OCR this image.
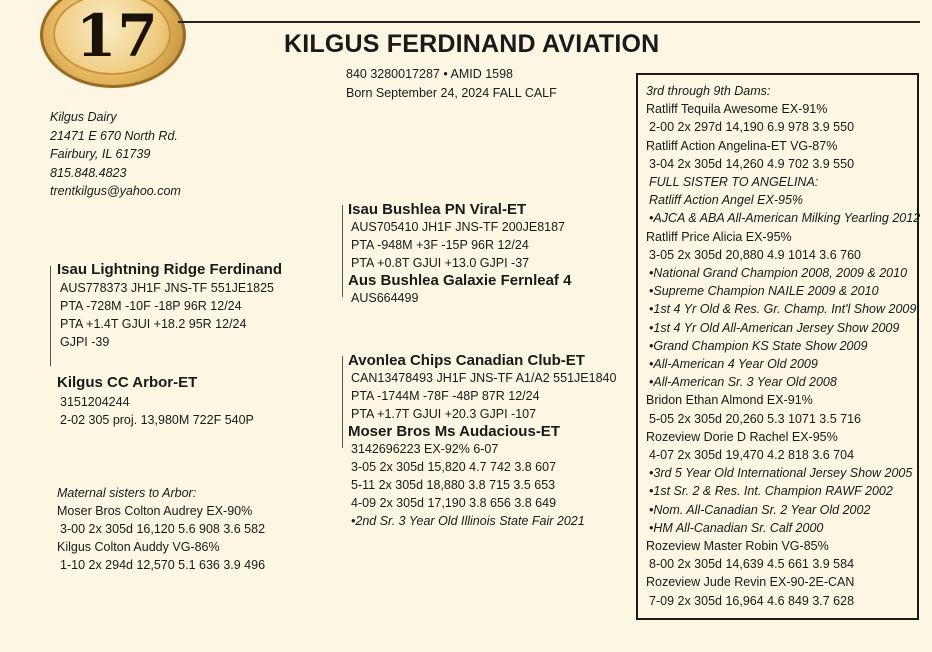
17	KILGUS FERDINAND AVIATION
840 3280017287 • AMID 1598
Born September 24, 2024 FALL CALF
Kilgus Dairy
21471 E 670 North Rd.
Fairbury, IL 61739
815.848.4823
trentkilgus@yahoo.com
Isau Lightning Ridge Ferdinand
AUS778373 JH1F JNS-TF 551JE1825
PTA -728M -10F -18P 96R 12/24
PTA +1.4T GJUI +18.2 95R 12/24
GJPI -39
Isau Bushlea PN Viral-ET
AUS705410 JH1F JNS-TF 200JE8187
PTA -948M +3F -15P 96R 12/24
PTA +0.8T GJUI +13.0 GJPI -37
Aus Bushlea Galaxie Fernleaf 4
AUS664499
Kilgus CC Arbor-ET
3151204244
2-02 305 proj. 13,980M 722F 540P
Avonlea Chips Canadian Club-ET
CAN13478493 JH1F JNS-TF A1/A2 551JE1840
PTA -1744M -78F -48P 87R 12/24
PTA +1.7T GJUI +20.3 GJPI -107
Moser Bros Ms Audacious-ET
3142696223 EX-92% 6-07
3-05 2x 305d 15,820 4.7 742 3.8 607
5-11 2x 305d 18,880 3.8 715 3.5 653
4-09 2x 305d 17,190 3.8 656 3.8 649
•2nd Sr. 3 Year Old Illinois State Fair 2021
Maternal sisters to Arbor:
Moser Bros Colton Audrey EX-90%
3-00 2x 305d 16,120 5.6 908 3.6 582
Kilgus Colton Auddy VG-86%
1-10 2x 294d 12,570 5.1 636 3.9 496
3rd through 9th Dams:
Ratliff Tequila Awesome EX-91%
2-00 2x 297d 14,190 6.9 978 3.9 550
Ratliff Action Angelina-ET VG-87%
3-04 2x 305d 14,260 4.9 702 3.9 550
FULL SISTER TO ANGELINA:
Ratliff Action Angel EX-95%
•AJCA & ABA All-American Milking Yearling 2012
Ratliff Price Alicia EX-95%
3-05 2x 305d 20,880 4.9 1014 3.6 760
•National Grand Champion 2008, 2009 & 2010
•Supreme Champion NAILE 2009 & 2010
•1st 4 Yr Old & Res. Gr. Champ. Int'l Show 2009
•1st 4 Yr Old All-American Jersey Show 2009
•Grand Champion KS State Show 2009
•All-American 4 Year Old 2009
•All-American Sr. 3 Year Old 2008
Bridon Ethan Almond EX-91%
5-05 2x 305d 20,260 5.3 1071 3.5 716
Rozeview Dorie D Rachel EX-95%
4-07 2x 305d 19,470 4.2 818 3.6 704
•3rd 5 Year Old International Jersey Show 2005
•1st Sr. 2 & Res. Int. Champion RAWF 2002
•Nom. All-Canadian Sr. 2 Year Old 2002
•HM All-Canadian Sr. Calf 2000
Rozeview Master Robin VG-85%
8-00 2x 305d 14,639 4.5 661 3.9 584
Rozeview Jude Revin EX-90-2E-CAN
7-09 2x 305d 16,964 4.6 849 3.7 628
